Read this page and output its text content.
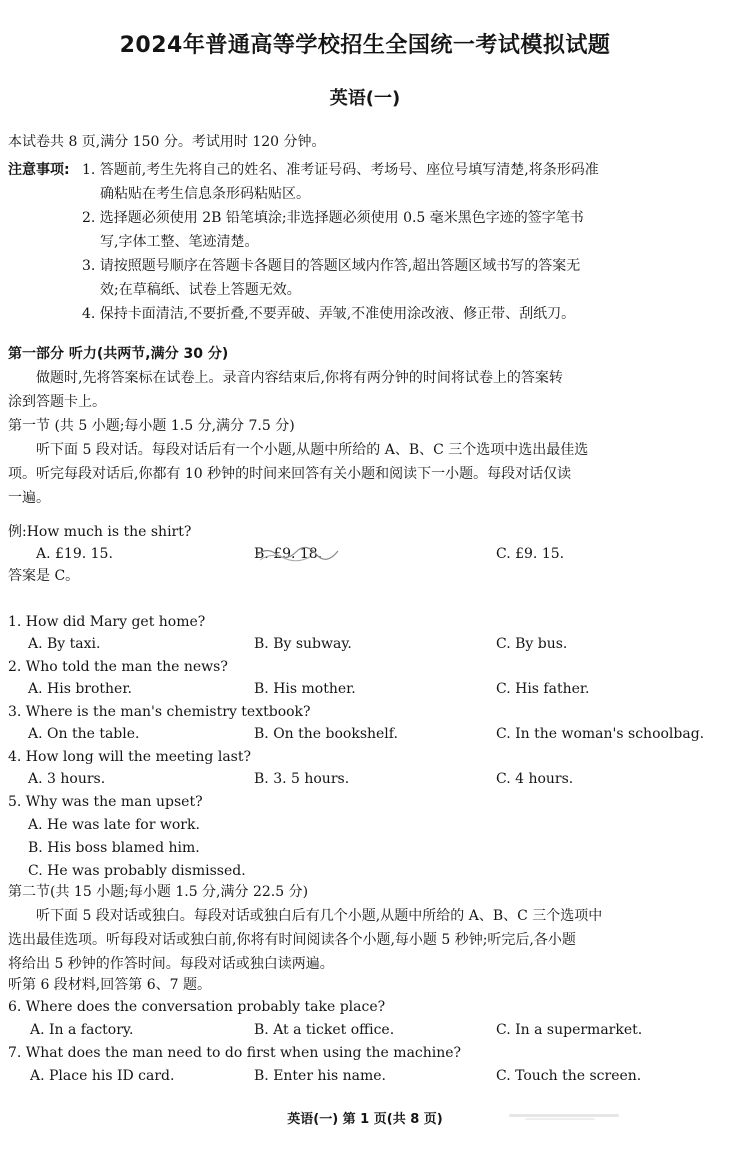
2024年普通高等学校招生全国统一考试模拟试题
英语(一)
本试卷共 8 页,满分 150 分。考试用时 120 分钟。
注意事项: 1. 答题前,考生先将自己的姓名、准考证号码、考场号、座位号填写清楚,将条形码准
确粘贴在考生信息条形码粘贴区。
2. 选择题必须使用 2B 铅笔填涂;非选择题必须使用 0.5 毫米黑色字迹的签字笔书
写,字体工整、笔迹清楚。
3. 请按照题号顺序在答题卡各题目的答题区域内作答,超出答题区域书写的答案无
效;在草稿纸、试卷上答题无效。
4. 保持卡面清洁,不要折叠,不要弄破、弄皱,不准使用涂改液、修正带、刮纸刀。
第一部分 听力(共两节,满分 30 分)
做题时,先将答案标在试卷上。录音内容结束后,你将有两分钟的时间将试卷上的答案转
涂到答题卡上。
第一节 (共 5 小题;每小题 1.5 分,满分 7.5 分)
听下面 5 段对话。每段对话后有一个小题,从题中所给的 A、B、C 三个选项中选出最佳选
项。听完每段对话后,你都有 10 秒钟的时间来回答有关小题和阅读下一小题。每段对话仅读
一遍。
例:How much is the shirt?
A. £19. 15.	B. £9. 18.	C. £9. 15.
答案是 C。
1. How did Mary get home?
A. By taxi.	B. By subway.	C. By bus.
2. Who told the man the news?
A. His brother.	B. His mother.	C. His father.
3. Where is the man's chemistry textbook?
A. On the table.	B. On the bookshelf.	C. In the woman's schoolbag.
4. How long will the meeting last?
A. 3 hours.	B. 3. 5 hours.	C. 4 hours.
5. Why was the man upset?
A. He was late for work.
B. His boss blamed him.
C. He was probably dismissed.
第二节(共 15 小题;每小题 1.5 分,满分 22.5 分)
听下面 5 段对话或独白。每段对话或独白后有几个小题,从题中所给的 A、B、C 三个选项中
选出最佳选项。听每段对话或独白前,你将有时间阅读各个小题,每小题 5 秒钟;听完后,各小题
将给出 5 秒钟的作答时间。每段对话或独白读两遍。
听第 6 段材料,回答第 6、7 题。
6. Where does the conversation probably take place?
A. In a factory.	B. At a ticket office.	C. In a supermarket.
7. What does the man need to do first when using the machine?
A. Place his ID card.	B. Enter his name.	C. Touch the screen.
英语(一) 第 1 页(共 8 页)
